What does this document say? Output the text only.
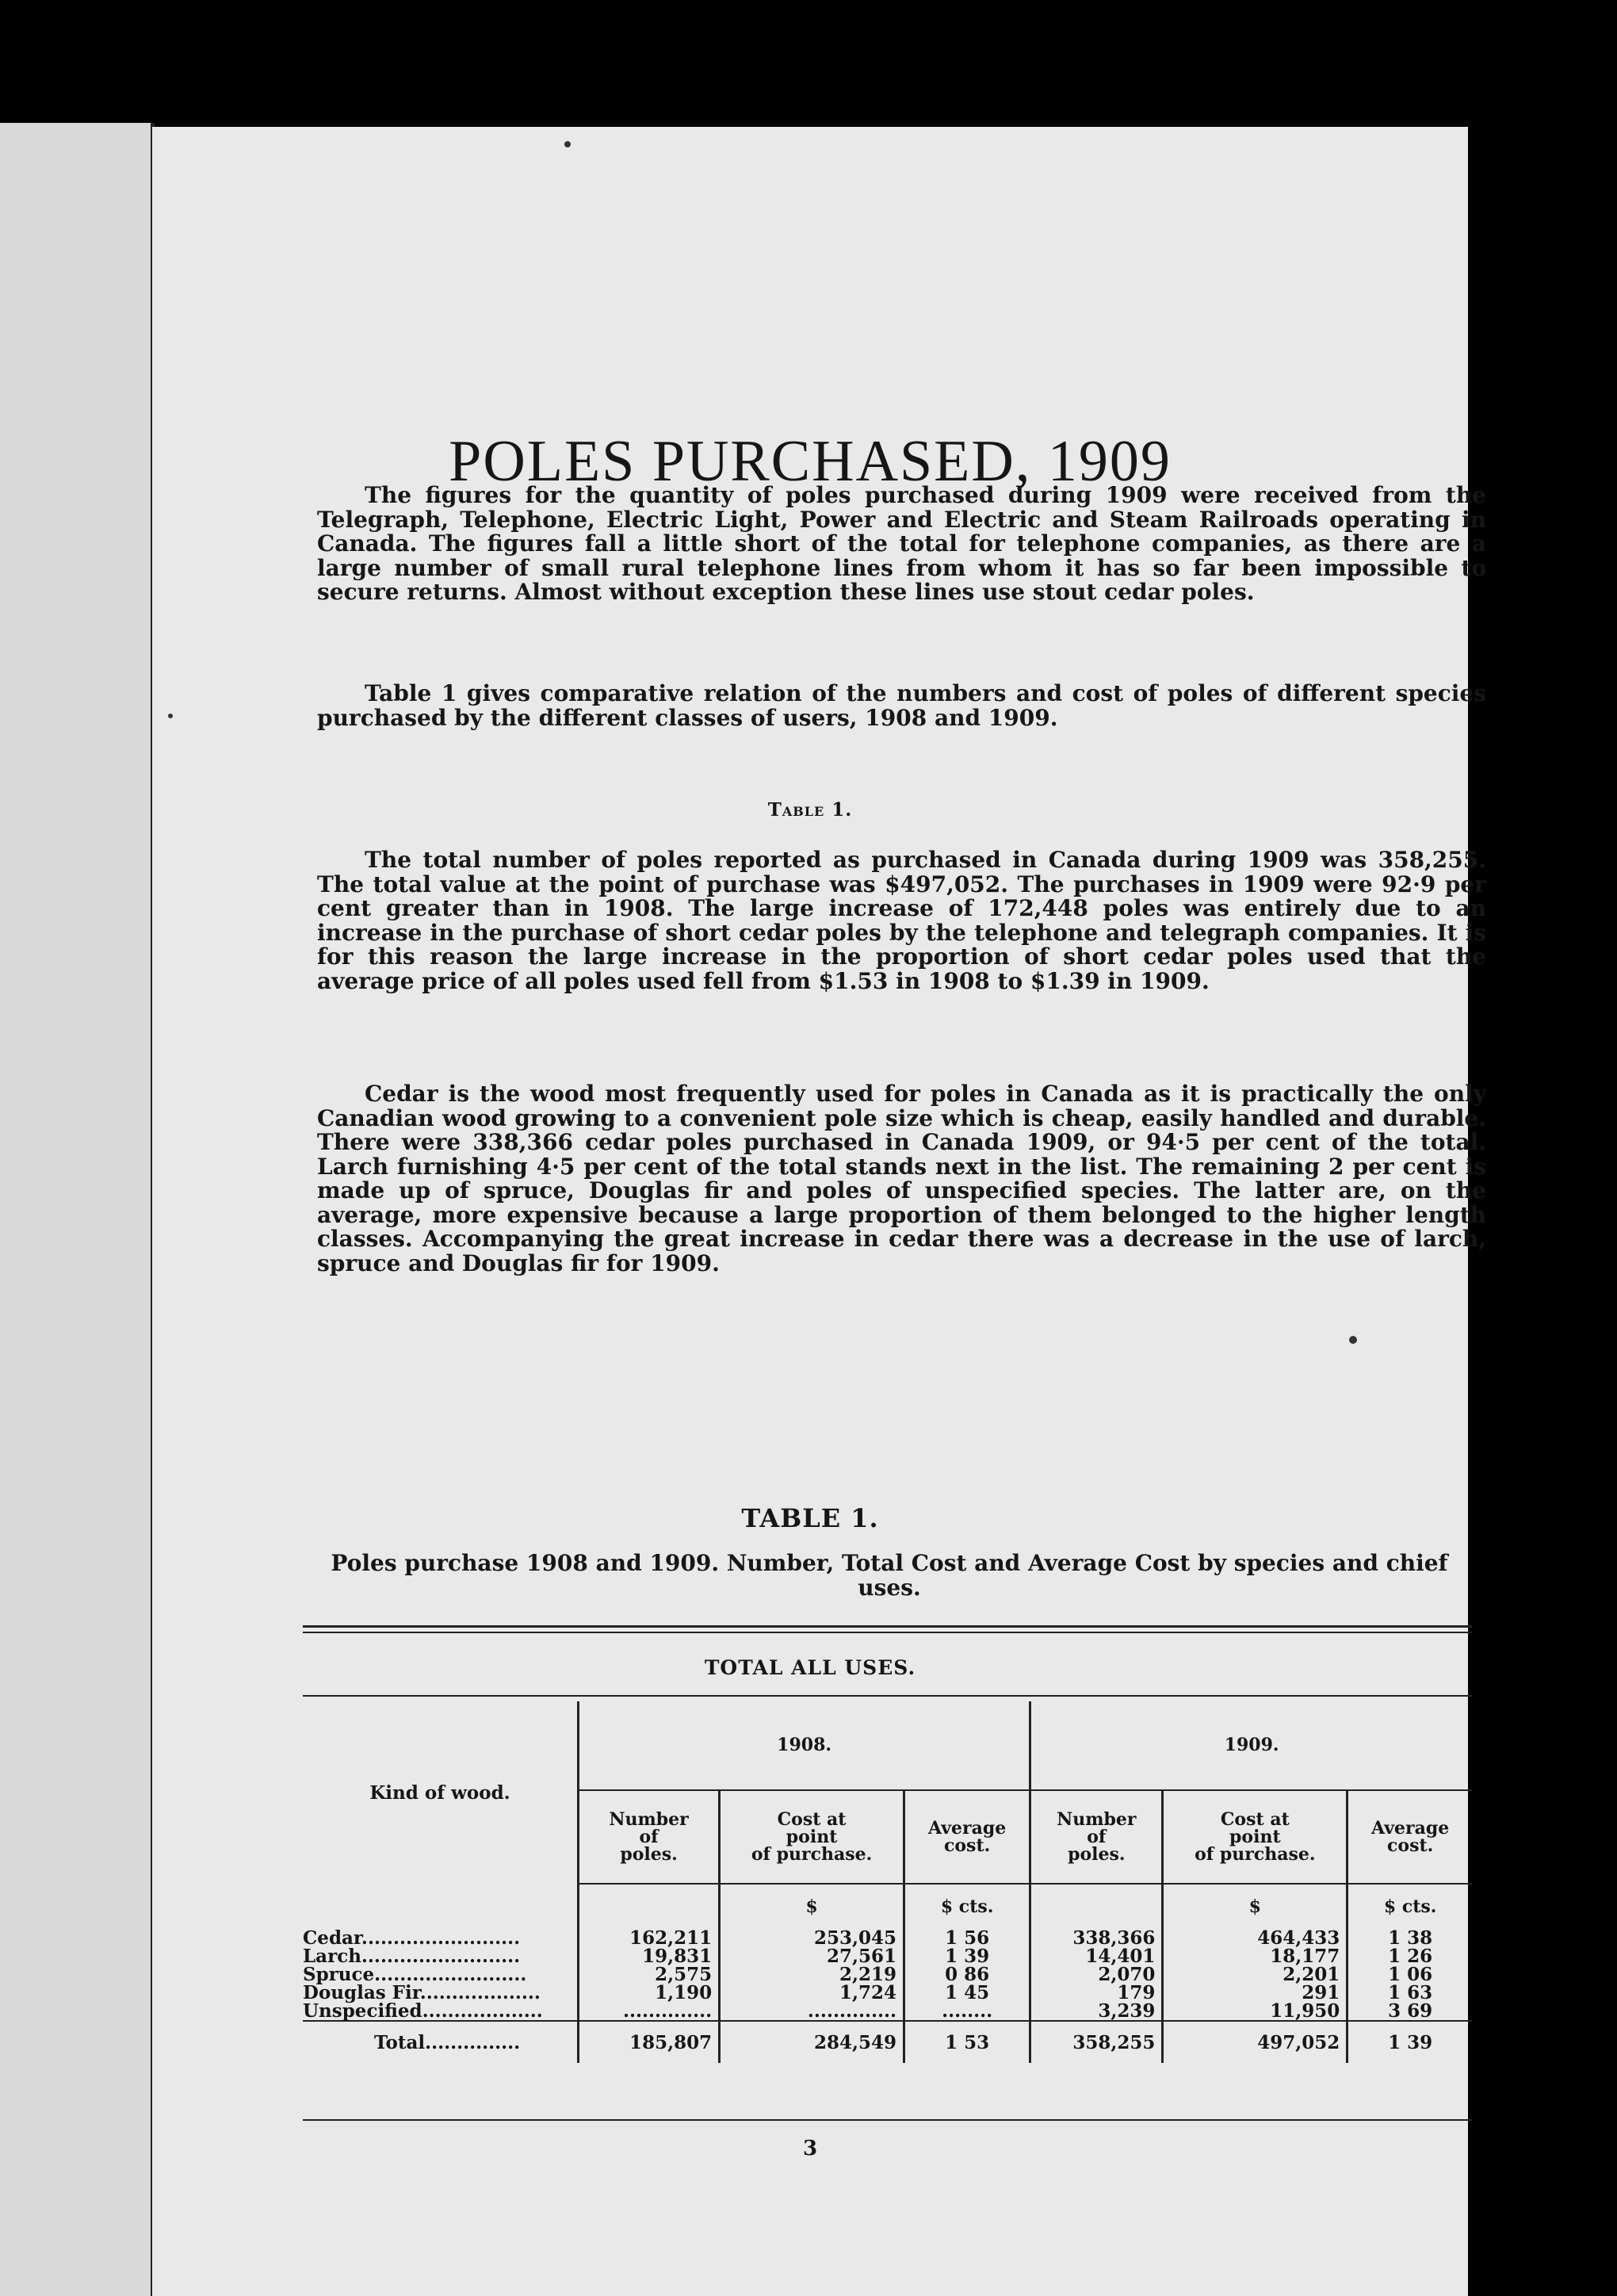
POLES PURCHASED, 1909

The figures for the quantity of poles purchased during 1909 were received from the Telegraph, Telephone, Electric Light, Power and Electric and Steam Railroads operating in Canada. The figures fall a little short of the total for telephone companies, as there are a large number of small rural telephone lines from whom it has so far been impossible to secure returns. Almost without exception these lines use stout cedar poles.

Table 1 gives comparative relation of the numbers and cost of poles of different species purchased by the different classes of users, 1908 and 1909.

Table 1.

The total number of poles reported as purchased in Canada during 1909 was 358,255. The total value at the point of purchase was $497,052. The purchases in 1909 were 92·9 per cent greater than in 1908. The large increase of 172,448 poles was entirely due to an increase in the purchase of short cedar poles by the telephone and telegraph companies. It is for this reason the large increase in the proportion of short cedar poles used that the average price of all poles used fell from $1.53 in 1908 to $1.39 in 1909.

Cedar is the wood most frequently used for poles in Canada as it is practically the only Canadian wood growing to a convenient pole size which is cheap, easily handled and durable. There were 338,366 cedar poles purchased in Canada 1909, or 94·5 per cent of the total. Larch furnishing 4·5 per cent of the total stands next in the list. The remaining 2 per cent is made up of spruce, Douglas fir and poles of unspecified species. The latter are, on the average, more expensive because a large proportion of them belonged to the higher length classes. Accompanying the great increase in cedar there was a decrease in the use of larch, spruce and Douglas fir for 1909.

TABLE 1.
Poles purchase 1908 and 1909. Number, Total Cost and Average Cost by species and chief uses.
TOTAL ALL USES.
Kind of wood.	1908.			1909.		
	Number
of
poles.	Cost at
point
of purchase.	Average
cost.	Number
of
poles.	Cost at
point
of purchase.	Average
cost.
		$	$ cts.		$	$ cts.
Cedar.........................	162,211	253,045	1 56	338,366	464,433	1 38
Larch.........................	19,831	27,561	1 39	14,401	18,177	1 26
Spruce........................	2,575	2,219	0 86	2,070	2,201	1 06
Douglas Fir...................	1,190	1,724	1 45	179	291	1 63
Unspecified...................	..............	..............	........	3,239	11,950	3 69
Total...............	185,807	284,549	1 53	358,255	497,052	1 39
3
